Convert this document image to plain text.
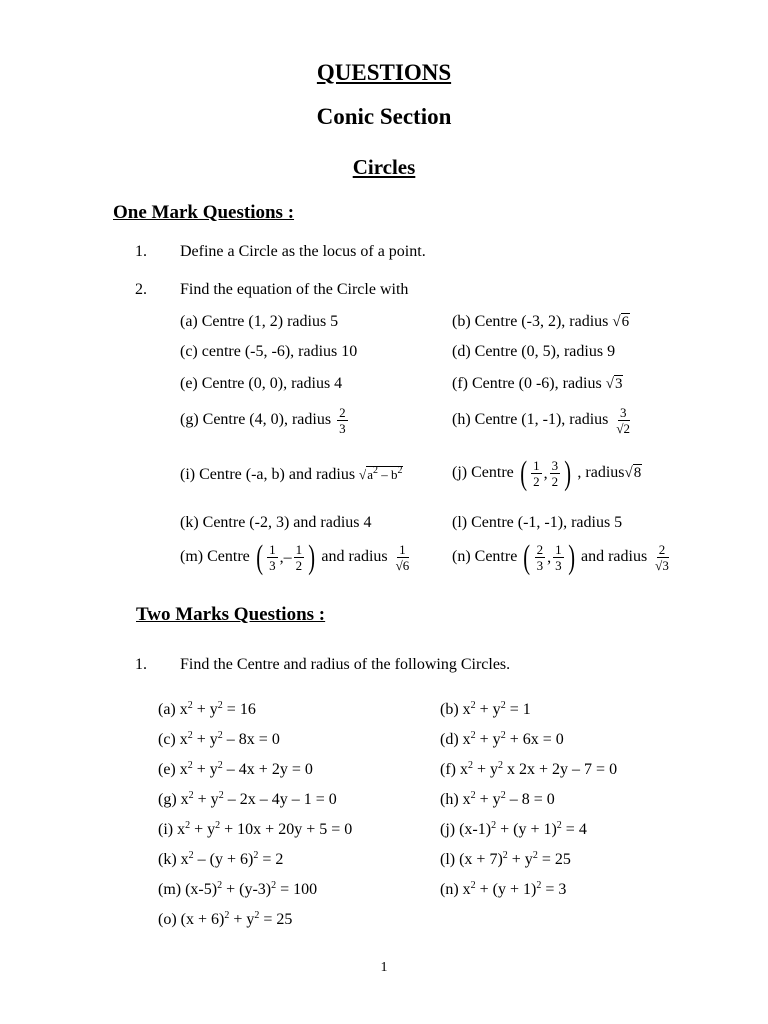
QUESTIONS
Conic Section
Circles
One Mark Questions :
1. Define a Circle as the locus of a point.
2. Find the equation of the Circle with
(a) Centre (1, 2) radius 5	(b) Centre (-3, 2), radius √6
(c) centre (-5, -6), radius 10	(d) Centre (0, 5), radius 9
(e) Centre (0, 0), radius 4	(f) Centre (0 -6), radius √3
(g) Centre (4, 0), radius $\frac{2}{3}$	(h) Centre (1, -1), radius $\frac{3}{√2}$
(i) Centre (-a, b) and radius $√a^2 - b^2$	(j) Centre ( $\frac{1}{2}$ , $\frac{3}{2}$ ) , radius√8
(k) Centre (-2, 3) and radius 4	(l) Centre (-1, -1), radius 5
(m) Centre ( $\frac{1}{3}$ ,– $\frac{1}{2}$ ) and radius $\frac{1}{√6}$	(n) Centre ( $\frac{2}{3}$ , $\frac{1}{3}$ ) and radius $\frac{2}{√3}$
Two Marks Questions :
1. Find the Centre and radius of the following Circles.
(a) $x^2 + y^2 = 16$	(b) $x^2 + y^2 = 1$
(c) $x^2 + y^2 - 8x = 0$	(d) $x^2 + y^2 + 6x = 0$
(e) $x^2 + y^2 - 4x + 2y = 0$	(f) $x^2 + y^2$ x 2x + 2y – 7 = 0
(g) $x^2 + y^2 - 2x - 4y - 1 = 0$	(h) $x^2 + y^2 - 8 = 0$
(i) $x^2 + y^2 + 10x + 20y + 5 = 0$	(j) $(x-1)^2 + (y + 1)^2 = 4$
(k) $x^2 - (y + 6)^2 = 2$	(l) $(x + 7)^2 + y^2 = 25$
(m) $(x-5)^2 + (y-3)^2 = 100$	(n) $x^2 + (y + 1)^2 = 3$
(o) $(x + 6)^2 + y^2 = 25$
1
